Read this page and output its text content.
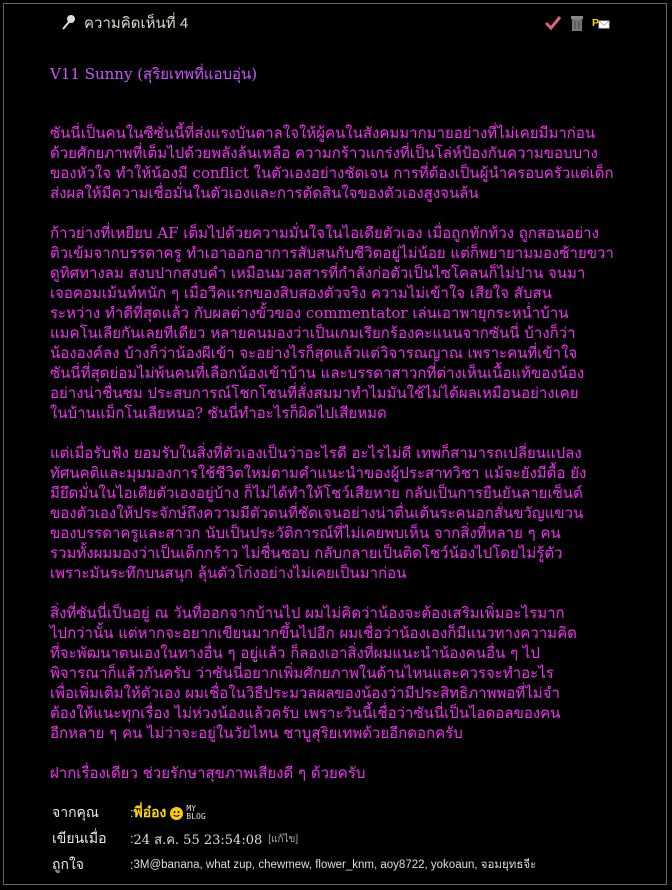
ความคิดเห็นที่ 4	P
V11 Sunny (สุริยเทพที่แอบอุ่น)

ซันนี่เป็นคนในซีซั่นนี้ที่ส่งแรงบันดาลใจให้ผู้คนในสังคมมากมายอย่างที่ไม่เคยมีมาก่อน
ด้วยศักยภาพที่เต็มไปด้วยพลังล้นเหลือ ความกร้าวแกร่งที่เป็นโล่ห์ป้องกันความขอบบาง
ของหัวใจ ทำให้น้องมี conflict ในตัวเองอย่างชัดเจน การที่ต้องเป็นผู้นำครอบครัวแต่เด็ก
ส่งผลให้มีความเชื่อมั่นในตัวเองและการตัดสินใจของตัวเองสูงจนล้น

ก้าวย่างที่เหยียบ AF เต็มไปด้วยความมั่นใจในไอเดียตัวเอง เมื่อถูกทักท้วง ถูกสอนอย่าง
ติวเข้มจากบรรดาครู ทำเอาออกอาการสับสนกับชีวิตอยู่ไม่น้อย แต่ก็พยายามมองซ้ายขวา
ดูทิศทางลม สงบปากสงบคำ เหมือนมวลสารที่กำลังก่อตัวเป็นไซโคลนก็ไม่ปาน จนมา
เจอคอมเม้นท์หนัก ๆ เมื่อวีคแรกของสิบสองตัวจริง ความไม่เข้าใจ เสียใจ สับสน
ระหว่าง ทำดีที่สุดแล้ว กับผลต่างขั้วของ commentator เล่นเอาพายุกระหน่ำบ้าน
แมคโนเลียกันเลยทีเดียว หลายคนมองว่าเป็นเกมเรียกร้องคะแนนจากซันนี่ บ้างก็ว่า
น้ององค์ลง บ้างก็ว่าน้องผีเข้า จะอย่างไรก็สุดแล้วแต่วิจารณญาณ เพราะคนที่เข้าใจ
ซันนี่ที่สุดย่อมไม่พ้นคนที่เลือกน้องเข้าบ้าน และบรรดาสาวกที่ต่างเห็นเนื้อแท้ของน้อง
อย่างน่าชื่นชม ประสบการณ์โชกโชนที่สั่งสมมาทำไมมันใช้ไม่ได้ผลเหมือนอย่างเคย
ในบ้านแม็กโนเลียหนอ? ซันนี่ทำอะไรก็ผิดไปเสียหมด

แต่เมื่อรับฟัง ยอมรับในสิ่งที่ตัวเองเป็นว่าอะไรดี อะไรไม่ดี เทพก็สามารถเปลี่ยนแปลง
ทัศนคติและมุมมองการใช้ชีวิตใหม่ตามคำแนะนำของผู้ประสาทวิชา แม้จะยังมีดื้อ ยัง
มียึดมั่นในไอเดียตัวเองอยู่บ้าง ก็ไม่ได้ทำให้โชว์เสียหาย กลับเป็นการยืนยันลายเซ็นต์
ของตัวเองให้ประจักษ์ถึงความมีตัวตนที่ชัดเจนอย่างน่าตื่นเต้นระคนอกสั่นขวัญแขวน
ของบรรดาครูและสาวก นับเป็นประวัติการณ์ที่ไม่เคยพบเห็น จากสิ่งที่หลาย ๆ คน
รวมทั้งผมมองว่าเป็นเด็กกร้าว ไม่ชื่นชอบ กลับกลายเป็นติดโชว์น้องไปโดยไม่รู้ตัว
เพราะมันระทึกบนสนุก ลุ้นตัวโก่งอย่างไม่เคยเป็นมาก่อน

สิ่งที่ซันนี่เป็นอยู่ ณ วันที่ออกจากบ้านไป ผมไม่คิดว่าน้องจะต้องเสริมเพิ่มอะไรมาก
ไปกว่านั้น แต่หากจะอยากเขียนมากขึ้นไปอีก ผมเชื่อว่าน้องเองก็มีแนวทางความคิด
ที่จะพัฒนาตนเองในทางอื่น ๆ อยู่แล้ว ก็ลองเอาสิ่งที่ผมแนะนำน้องคนอื่น ๆ ไป
พิจารณาก็แล้วกันครับ ว่าซันนี่อยากเพิ่มศักยภาพในด้านไหนและควรจะทำอะไร
เพื่อเพิ่มเติมให้ตัวเอง ผมเชื่อในวิธีประมวลผลของน้องว่ามีประสิทธิภาพพอที่ไม่จำ
ต้องให้แนะทุกเรื่อง ไม่ห่วงน้องแล้วครับ เพราะวันนี้เชื่อว่าซันนี่เป็นไอดอลของคน
อีกหลาย ๆ คน ไม่ว่าจะอยู่ในวัยไหน ชาบูสุริยเทพด้วยอีกดอกครับ

ฝากเรื่องเดียว ช่วยรักษาสุขภาพเสียงดี ๆ ด้วยครับ

จากคุณ	: พี่อ๋อง	MY BLOG
เขียนเมื่อ	: 24 ส.ค. 55 23:54:08 [แก้ไข]
ถูกใจ	: 3M@banana, what zup, chewmew, flower_knm, aoy8722, yokoaun, จอมยุทธจีะ
